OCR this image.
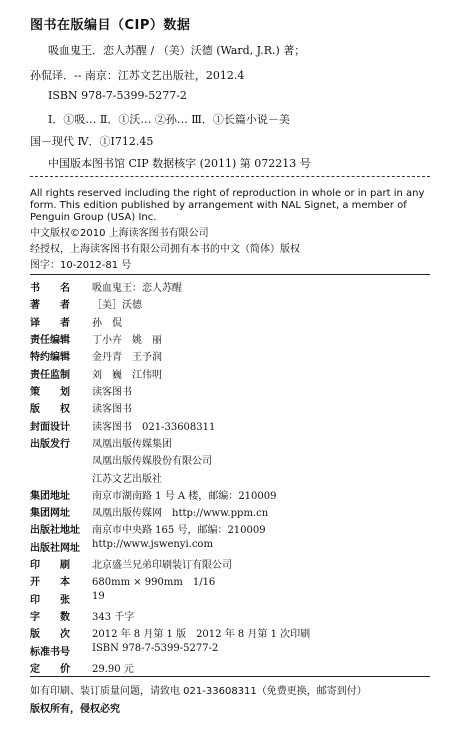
图书在版编目（CIP）数据
吸血鬼王．恋人苏醒 / （美）沃德 (Ward, J.R.) 著；
孙侃译．-- 南京：江苏文艺出版社，2012.4
ISBN 978-7-5399-5277-2
Ⅰ．①吸… Ⅱ．①沃… ②孙… Ⅲ．①长篇小说－美
国－现代 Ⅳ．①I712.45
中国版本图书馆 CIP 数据核字 (2011) 第 072213 号
All rights reserved including the right of reproduction in whole or in part in any form. This edition published by arrangement with NAL Signet, a member of Penguin Group (USA) Inc.
中文版权©2010 上海读客图书有限公司
经授权，上海读客图书有限公司拥有本书的中文（简体）版权
图字：10-2012-81 号
书　　名	吸血鬼王：恋人苏醒
著　　者	［美］沃德
译　　者	孙　侃
责任编辑	丁小卉　姚　丽
特约编辑	金丹青　王予润
责任监制	刘　巍　江伟明
策　　划	读客图书
版　　权	读客图书
封面设计	读客图书　021-33608311
出版发行	凤凰出版传媒集团
凤凰出版传媒股份有限公司
江苏文艺出版社
集团地址	南京市湖南路 1 号 A 楼，邮编：210009
集团网址	凤凰出版传媒网　http://www.ppm.cn
出版社地址	南京市中央路 165 号，邮编：210009
出版社网址	http://www.jswenyi.com
印　　刷	北京盛兰兄弟印刷装订有限公司
开　　本	680mm × 990mm　1/16
印　　张	19
字　　数	343 千字
版　　次	2012 年 8 月第 1 版　2012 年 8 月第 1 次印刷
标准书号	ISBN 978-7-5399-5277-2
定　　价	29.90 元
如有印刷、装订质量问题，请致电 021-33608311（免费更换，邮寄到付）
版权所有，侵权必究
